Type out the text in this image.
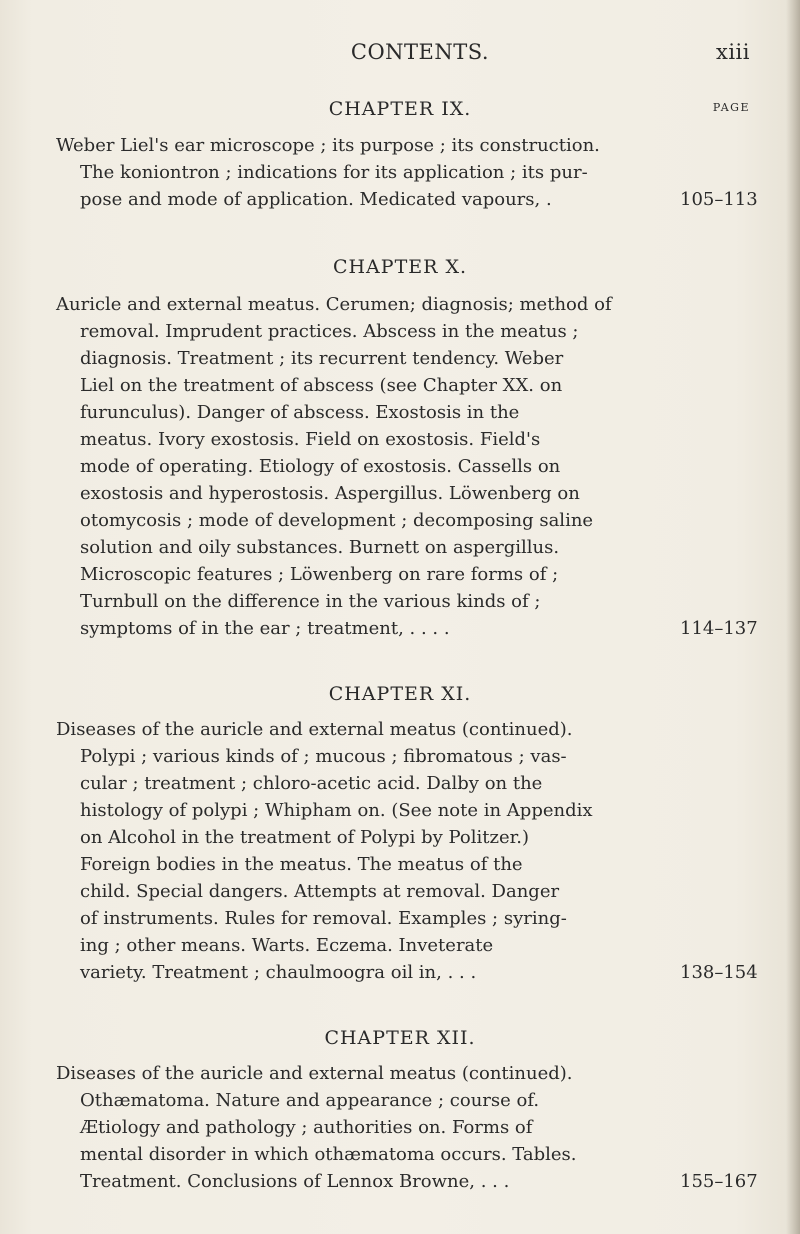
CONTENTS.	xiii
PAGE
CHAPTER IX.
Weber Liel's ear microscope ; its purpose ; its construction.
The koniontron ; indications for its application ; its pur-
pose and mode of application. Medicated vapours, .	105–113
CHAPTER X.
Auricle and external meatus. Cerumen; diagnosis; method of
removal. Imprudent practices. Abscess in the meatus ;
diagnosis. Treatment ; its recurrent tendency. Weber
Liel on the treatment of abscess (see Chapter XX. on
furunculus). Danger of abscess. Exostosis in the
meatus. Ivory exostosis. Field on exostosis. Field's
mode of operating. Etiology of exostosis. Cassells on
exostosis and hyperostosis. Aspergillus. Löwenberg on
otomycosis ; mode of development ; decomposing saline
solution and oily substances. Burnett on aspergillus.
Microscopic features ; Löwenberg on rare forms of ;
Turnbull on the difference in the various kinds of ;
symptoms of in the ear ; treatment, . . . .	114–137
CHAPTER XI.
Diseases of the auricle and external meatus (continued).
Polypi ; various kinds of ; mucous ; fibromatous ; vas-
cular ; treatment ; chloro-acetic acid. Dalby on the
histology of polypi ; Whipham on. (See note in Appendix
on Alcohol in the treatment of Polypi by Politzer.)
Foreign bodies in the meatus. The meatus of the
child. Special dangers. Attempts at removal. Danger
of instruments. Rules for removal. Examples ; syring-
ing ; other means. Warts. Eczema. Inveterate
variety. Treatment ; chaulmoogra oil in, . . .	138–154
CHAPTER XII.
Diseases of the auricle and external meatus (continued).
Othæmatoma. Nature and appearance ; course of.
Ætiology and pathology ; authorities on. Forms of
mental disorder in which othæmatoma occurs. Tables.
Treatment. Conclusions of Lennox Browne, . . .	155–167
